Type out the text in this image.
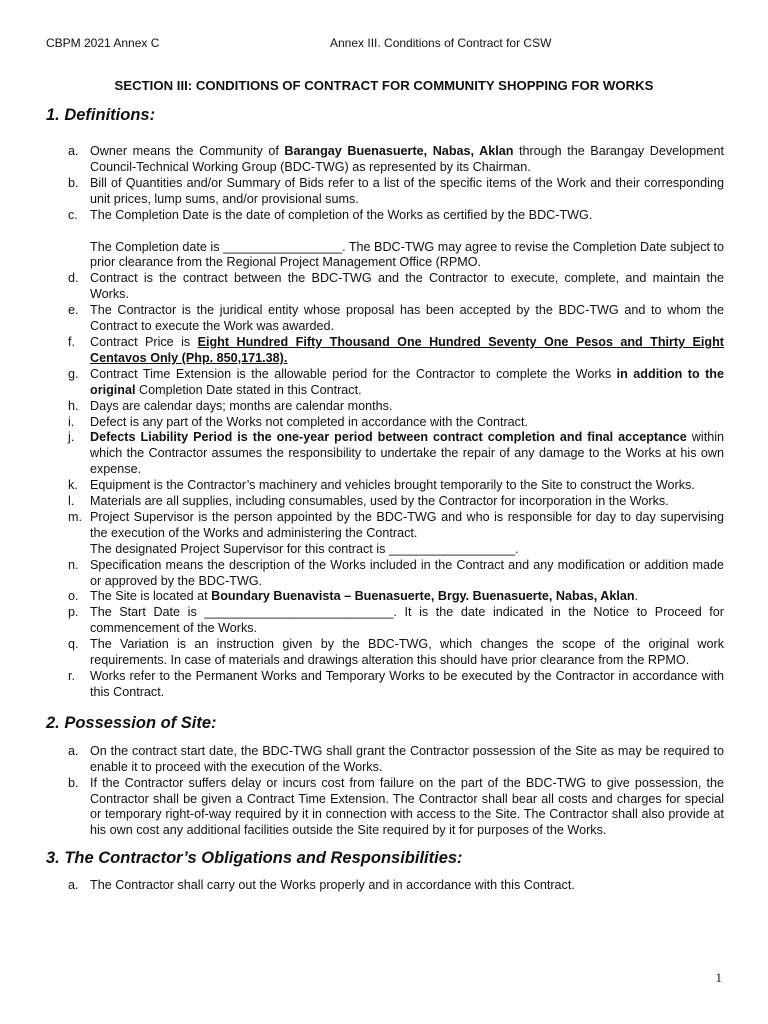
CBPM 2021 Annex C	Annex III. Conditions of Contract for CSW
SECTION III: CONDITIONS OF CONTRACT FOR COMMUNITY SHOPPING FOR WORKS
1. Definitions:
a. Owner means the Community of Barangay Buenasuerte, Nabas, Aklan through the Barangay Development Council-Technical Working Group (BDC-TWG) as represented by its Chairman.
b. Bill of Quantities and/or Summary of Bids refer to a list of the specific items of the Work and their corresponding unit prices, lump sums, and/or provisional sums.
c. The Completion Date is the date of completion of the Works as certified by the BDC-TWG.

The Completion date is _________________. The BDC-TWG may agree to revise the Completion Date subject to prior clearance from the Regional Project Management Office (RPMO.

d. Contract is the contract between the BDC-TWG and the Contractor to execute, complete, and maintain the Works.
e. The Contractor is the juridical entity whose proposal has been accepted by the BDC-TWG and to whom the Contract to execute the Work was awarded.
f. Contract Price is Eight Hundred Fifty Thousand One Hundred Seventy One Pesos and Thirty Eight Centavos Only (Php. 850,171.38).
g. Contract Time Extension is the allowable period for the Contractor to complete the Works in addition to the original Completion Date stated in this Contract.
h. Days are calendar days; months are calendar months.
i. Defect is any part of the Works not completed in accordance with the Contract.
j. Defects Liability Period is the one-year period between contract completion and final acceptance within which the Contractor assumes the responsibility to undertake the repair of any damage to the Works at his own expense.
k. Equipment is the Contractor’s machinery and vehicles brought temporarily to the Site to construct the Works.
l. Materials are all supplies, including consumables, used by the Contractor for incorporation in the Works.
m. Project Supervisor is the person appointed by the BDC-TWG and who is responsible for day to day supervising the execution of the Works and administering the Contract.
The designated Project Supervisor for this contract is __________________.
n. Specification means the description of the Works included in the Contract and any modification or addition made or approved by the BDC-TWG.
o. The Site is located at Boundary Buenavista – Buenasuerte, Brgy. Buenasuerte, Nabas, Aklan.
p. The Start Date is ___________________________. It is the date indicated in the Notice to Proceed for commencement of the Works.
q. The Variation is an instruction given by the BDC-TWG, which changes the scope of the original work requirements. In case of materials and drawings alteration this should have prior clearance from the RPMO.
r. Works refer to the Permanent Works and Temporary Works to be executed by the Contractor in accordance with this Contract.
2. Possession of Site:
a. On the contract start date, the BDC-TWG shall grant the Contractor possession of the Site as may be required to enable it to proceed with the execution of the Works.
b. If the Contractor suffers delay or incurs cost from failure on the part of the BDC-TWG to give possession, the Contractor shall be given a Contract Time Extension. The Contractor shall bear all costs and charges for special or temporary right-of-way required by it in connection with access to the Site. The Contractor shall also provide at his own cost any additional facilities outside the Site required by it for purposes of the Works.
3. The Contractor’s Obligations and Responsibilities:
a. The Contractor shall carry out the Works properly and in accordance with this Contract.
1
